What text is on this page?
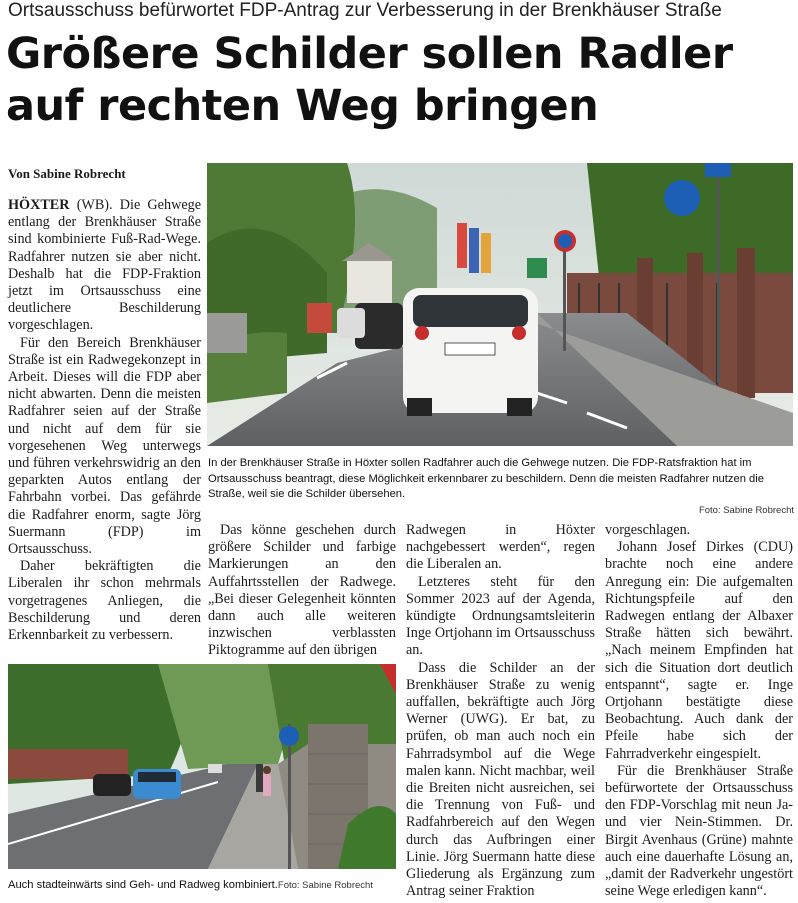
Ortsausschuss befürwortet FDP-Antrag zur Verbesserung in der Brenkhäuser Straße
Größere Schilder sollen Radler
auf rechten Weg bringen
Von Sabine Robrecht

HÖXTER (WB). Die Gehwege entlang der Brenkhäuser Straße sind kombinierte Fuß-Rad-Wege. Radfahrer nutzen sie aber nicht. Deshalb hat die FDP-Fraktion jetzt im Ortsausschuss eine deutlichere Beschilderung vorgeschlagen.

Für den Bereich Brenkhäuser Straße ist ein Radwegekonzept in Arbeit. Dieses will die FDP aber nicht abwarten. Denn die meisten Radfahrer seien auf der Straße und nicht auf dem für sie vorgesehenen Weg unterwegs und führen verkehrswidrig an den geparkten Autos entlang der Fahrbahn vorbei. Das gefährde die Radfahrer enorm, sagte Jörg Suermann (FDP) im Ortsausschuss.

Daher bekräftigten die Liberalen ihr schon mehrmals vorgetragenes Anliegen, die Beschilderung und deren Erkennbarkeit zu verbessern.

In der Brenkhäuser Straße in Höxter sollen Radfahrer auch die Gehwege nutzen. Die FDP-Ratsfraktion hat im Ortsausschuss beantragt, diese Möglichkeit erkennbarer zu beschildern. Denn die meisten Radfahrer nutzen die Straße, weil sie die Schilder übersehen.
Foto: Sabine Robrecht

Das könne geschehen durch größere Schilder und farbige Markierungen an den Auffahrtsstellen der Radwege. „Bei dieser Gelegenheit könnten dann auch alle weiteren inzwischen verblassten Piktogramme auf den übrigen

Radwegen in Höxter nachgebessert werden“, regen die Liberalen an.

Letzteres steht für den Sommer 2023 auf der Agenda, kündigte Ordnungsamtsleiterin Inge Ortjohann im Ortsausschuss an.

Dass die Schilder an der Brenkhäuser Straße zu wenig auffallen, bekräftigte auch Jörg Werner (UWG). Er bat, zu prüfen, ob man auch noch ein Fahrradsymbol auf die Wege malen kann. Nicht machbar, weil die Breiten nicht ausreichen, sei die Trennung von Fuß- und Radfahrbereich auf den Wegen durch das Aufbringen einer Linie. Jörg Suermann hatte diese Gliederung als Ergänzung zum Antrag seiner Fraktion

vorgeschlagen.

Johann Josef Dirkes (CDU) brachte noch eine andere Anregung ein: Die aufgemalten Richtungspfeile auf den Radwegen entlang der Albaxer Straße hätten sich bewährt. „Nach meinem Empfinden hat sich die Situation dort deutlich entspannt“, sagte er. Inge Ortjohann bestätigte diese Beobachtung. Auch dank der Pfeile habe sich der Fahrradverkehr eingespielt.

Für die Brenkhäuser Straße befürwortete der Ortsausschuss den FDP-Vorschlag mit neun Ja- und vier Nein-Stimmen. Dr. Birgit Avenhaus (Grüne) mahnte auch eine dauerhafte Lösung an, „damit der Radverkehr ungestört seine Wege erledigen kann“.

Auch stadteinwärts sind Geh- und Radweg kombiniert.Foto: Sabine Robrecht
